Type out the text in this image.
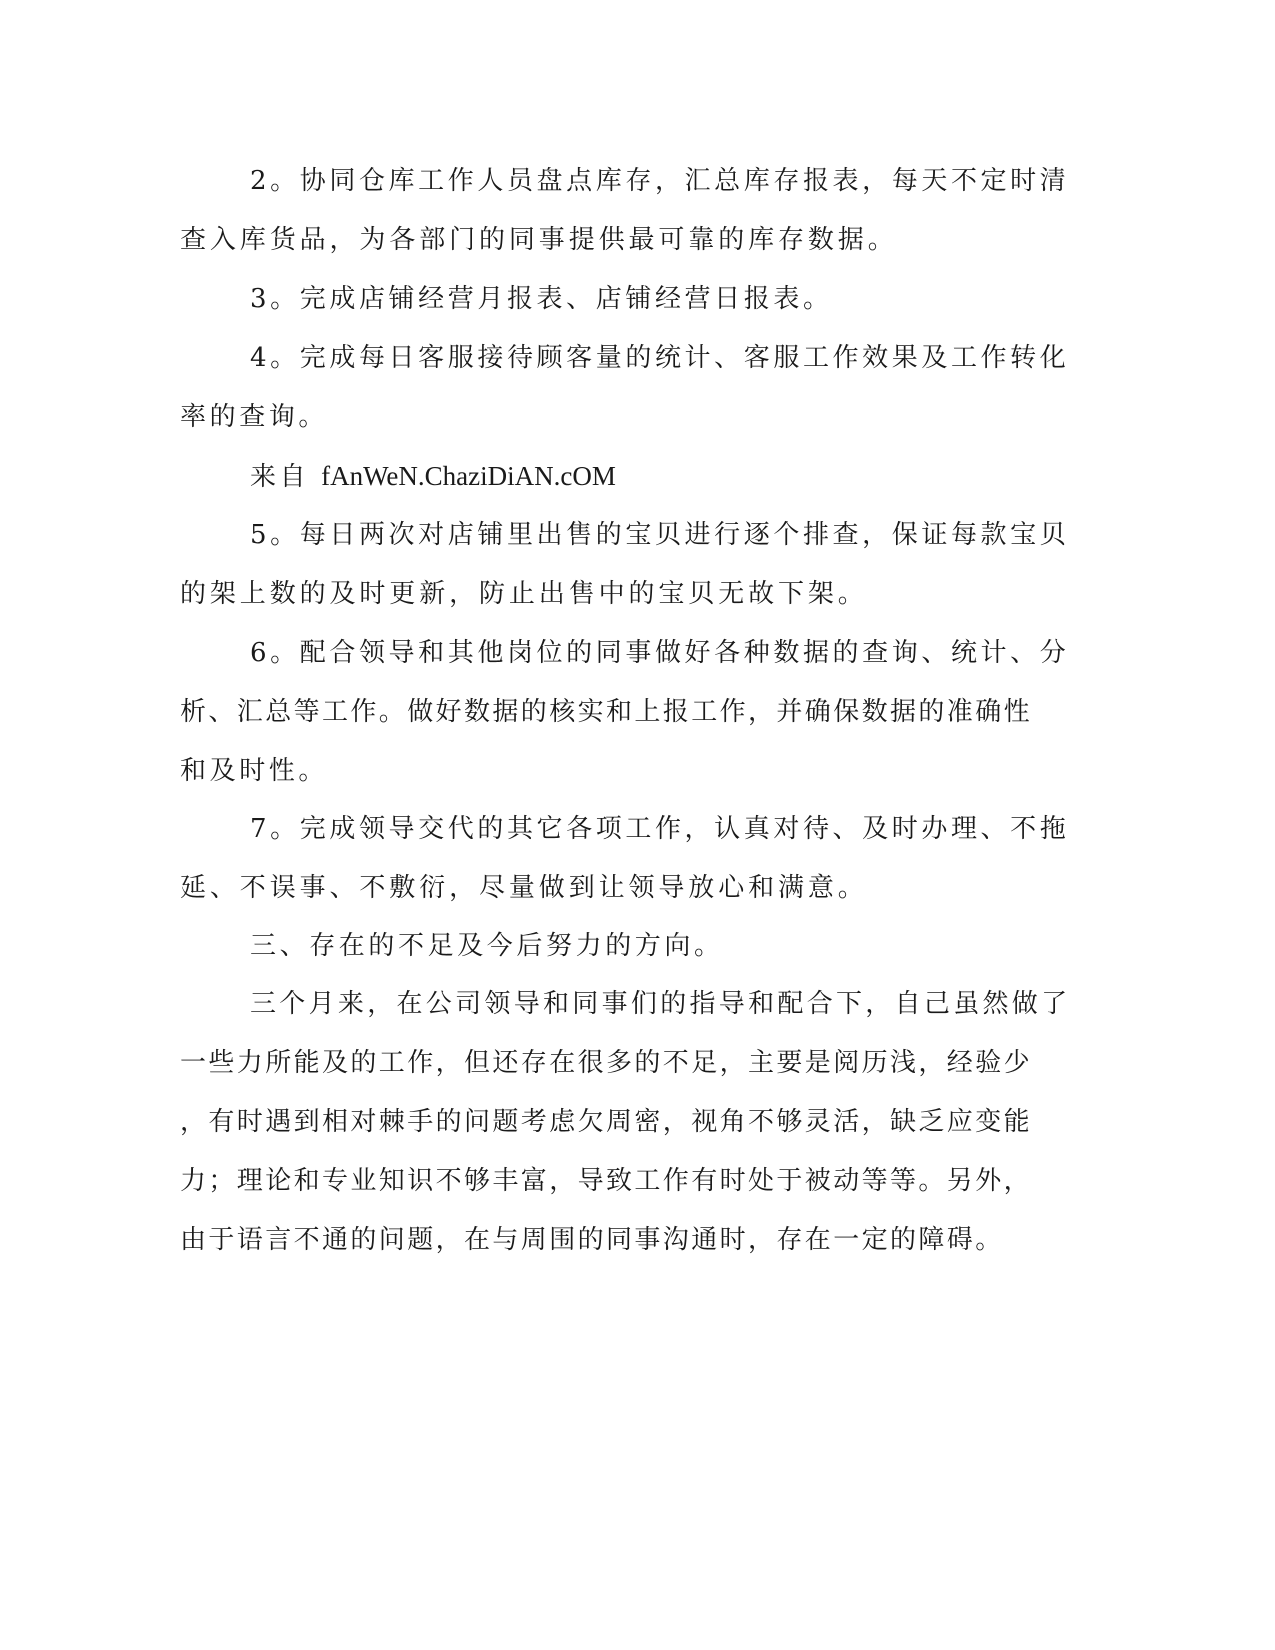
2。协同仓库工作人员盘点库存，汇总库存报表，每天不定时清
查入库货品，为各部门的同事提供最可靠的库存数据。
3。完成店铺经营月报表、店铺经营日报表。
4。完成每日客服接待顾客量的统计、客服工作效果及工作转化
率的查询。
来自 fAnWeN.ChaziDiAN.cOM
5。每日两次对店铺里出售的宝贝进行逐个排查，保证每款宝贝
的架上数的及时更新，防止出售中的宝贝无故下架。
6。配合领导和其他岗位的同事做好各种数据的查询、统计、分
析、汇总等工作。做好数据的核实和上报工作，并确保数据的准确性
和及时性。
7。完成领导交代的其它各项工作，认真对待、及时办理、不拖
延、不误事、不敷衍，尽量做到让领导放心和满意。
三、存在的不足及今后努力的方向。
三个月来，在公司领导和同事们的指导和配合下，自己虽然做了
一些力所能及的工作，但还存在很多的不足，主要是阅历浅，经验少
，有时遇到相对棘手的问题考虑欠周密，视角不够灵活，缺乏应变能
力；理论和专业知识不够丰富，导致工作有时处于被动等等。另外，
由于语言不通的问题，在与周围的同事沟通时，存在一定的障碍。
